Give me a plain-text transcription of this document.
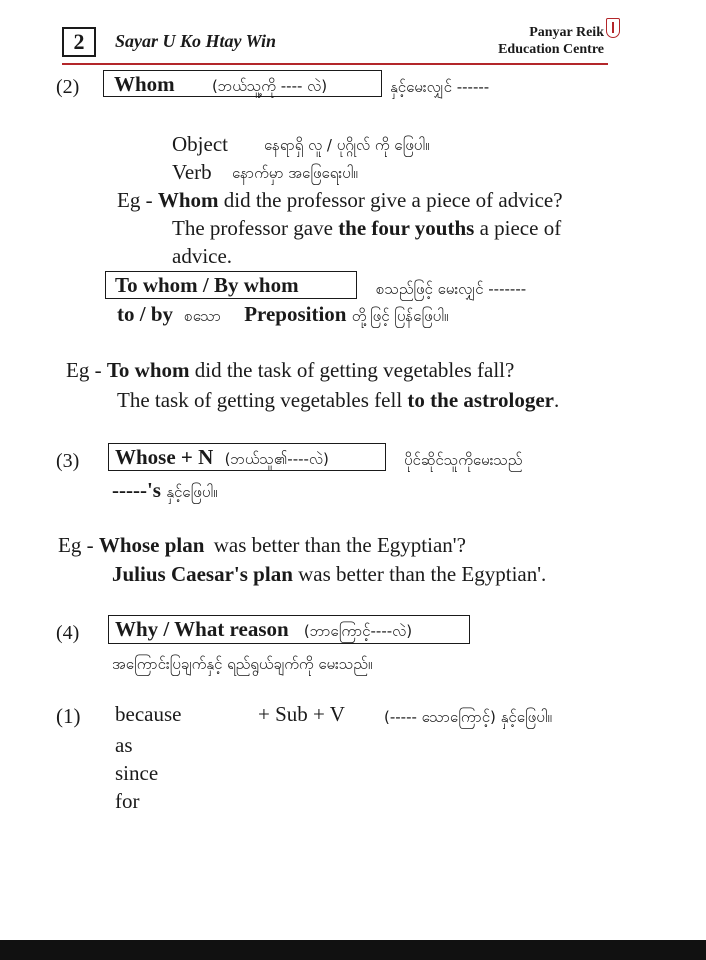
2	Sayar U Ko Htay Win	Panyar Reik
Education Centre
(2)	Whom (ဘယ်သူ့ကို ---- လဲ)	နှင့်မေးလျှင် ------
Object နေရာရှိ လူ / ပုဂ္ဂိုလ် ကို ဖြေပါ။
Verb နောက်မှာ အဖြေရေးပါ။
Eg - Whom did the professor give a piece of advice?
The professor gave the four youths a piece of
advice.
To whom / By whom	စသည်ဖြင့် မေးလျှင် -------
to / by စသော Preposition တို့ဖြင့် ပြန်ဖြေပါ။
Eg - To whom did the task of getting vegetables fall?
The task of getting vegetables fell to the astrologer.
(3)	Whose + N (ဘယ်သူ၏----လဲ)	ပိုင်ဆိုင်သူကိုမေးသည်
-----'s နှင့်ဖြေပါ။
Eg - Whose plan was better than the Egyptian'?
Julius Caesar's plan was better than the Egyptian'.
(4)	Why / What reason (ဘာကြောင့်----လဲ)
အကြောင်းပြချက်နှင့် ရည်ရွယ်ချက်ကို မေးသည်။
(1) because
as
since
for
+ Sub + V	(----- သောကြောင့်) နှင့်ဖြေပါ။
